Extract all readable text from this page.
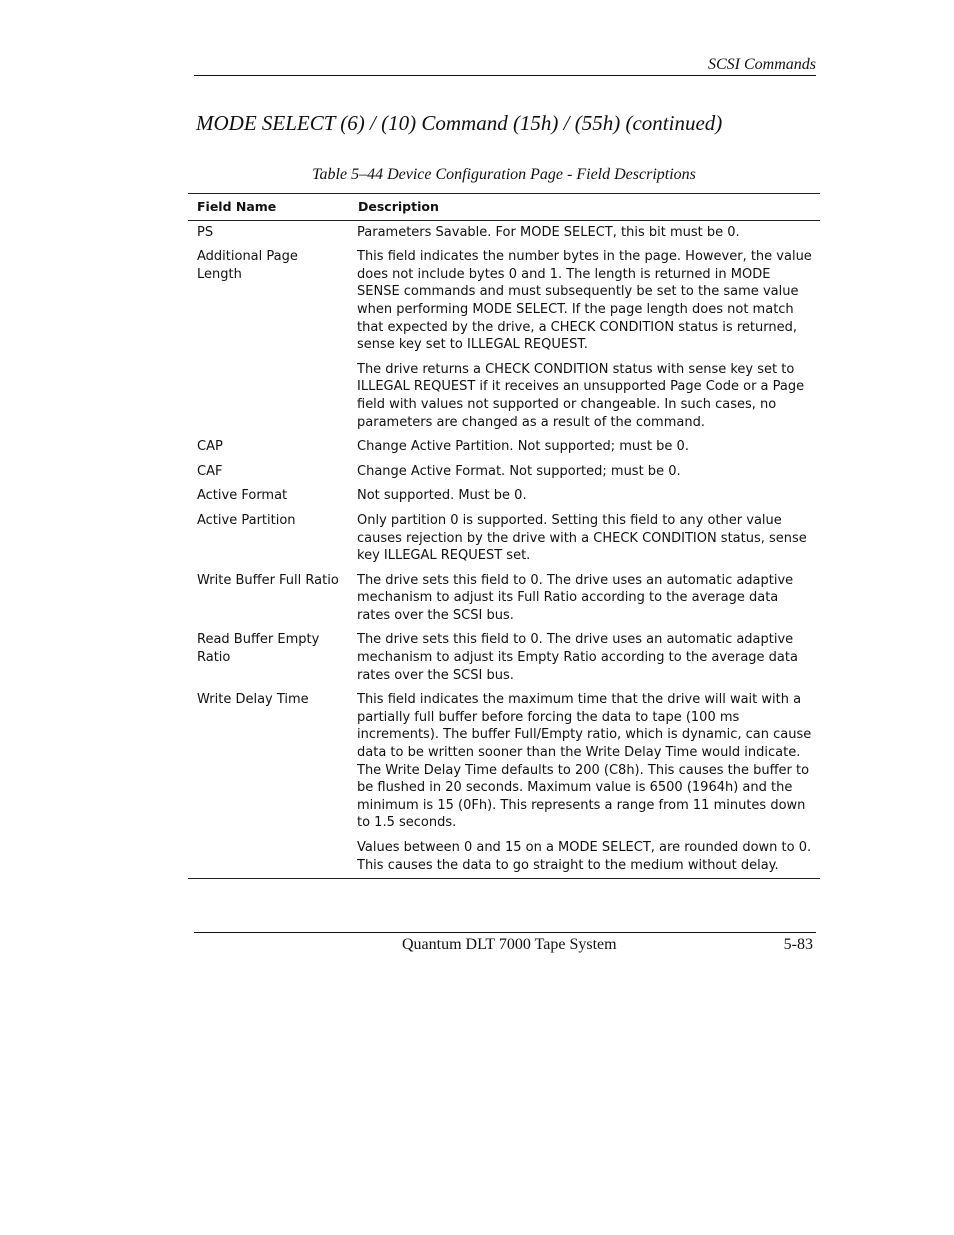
SCSI Commands
MODE SELECT (6) / (10) Command (15h) / (55h) (continued)
Table 5–44 Device Configuration Page - Field Descriptions
Field Name	Description
PS	Parameters Savable. For MODE SELECT, this bit must be 0.

Additional Page Length	This field indicates the number bytes in the page. However, the value does not include bytes 0 and 1. The length is returned in MODE SENSE commands and must subsequently be set to the same value when performing MODE SELECT. If the page length does not match that expected by the drive, a CHECK CONDITION status is returned, sense key set to ILLEGAL REQUEST.

The drive returns a CHECK CONDITION status with sense key set to ILLEGAL REQUEST if it receives an unsupported Page Code or a Page field with values not supported or changeable. In such cases, no parameters are changed as a result of the command.

CAP	Change Active Partition. Not supported; must be 0.

CAF	Change Active Format. Not supported; must be 0.

Active Format	Not supported. Must be 0.

Active Partition	Only partition 0 is supported. Setting this field to any other value causes rejection by the drive with a CHECK CONDITION status, sense key ILLEGAL REQUEST set.

Write Buffer Full Ratio	The drive sets this field to 0. The drive uses an automatic adaptive mechanism to adjust its Full Ratio according to the average data rates over the SCSI bus.

Read Buffer Empty Ratio	The drive sets this field to 0. The drive uses an automatic adaptive mechanism to adjust its Empty Ratio according to the average data rates over the SCSI bus.

Write Delay Time	This field indicates the maximum time that the drive will wait with a partially full buffer before forcing the data to tape (100 ms increments). The buffer Full/Empty ratio, which is dynamic, can cause data to be written sooner than the Write Delay Time would indicate. The Write Delay Time defaults to 200 (C8h). This causes the buffer to be flushed in 20 seconds. Maximum value is 6500 (1964h) and the minimum is 15 (0Fh). This represents a range from 11 minutes down to 1.5 seconds.

Values between 0 and 15 on a MODE SELECT, are rounded down to 0. This causes the data to go straight to the medium without delay.

Quantum DLT 7000 Tape System	5-83
